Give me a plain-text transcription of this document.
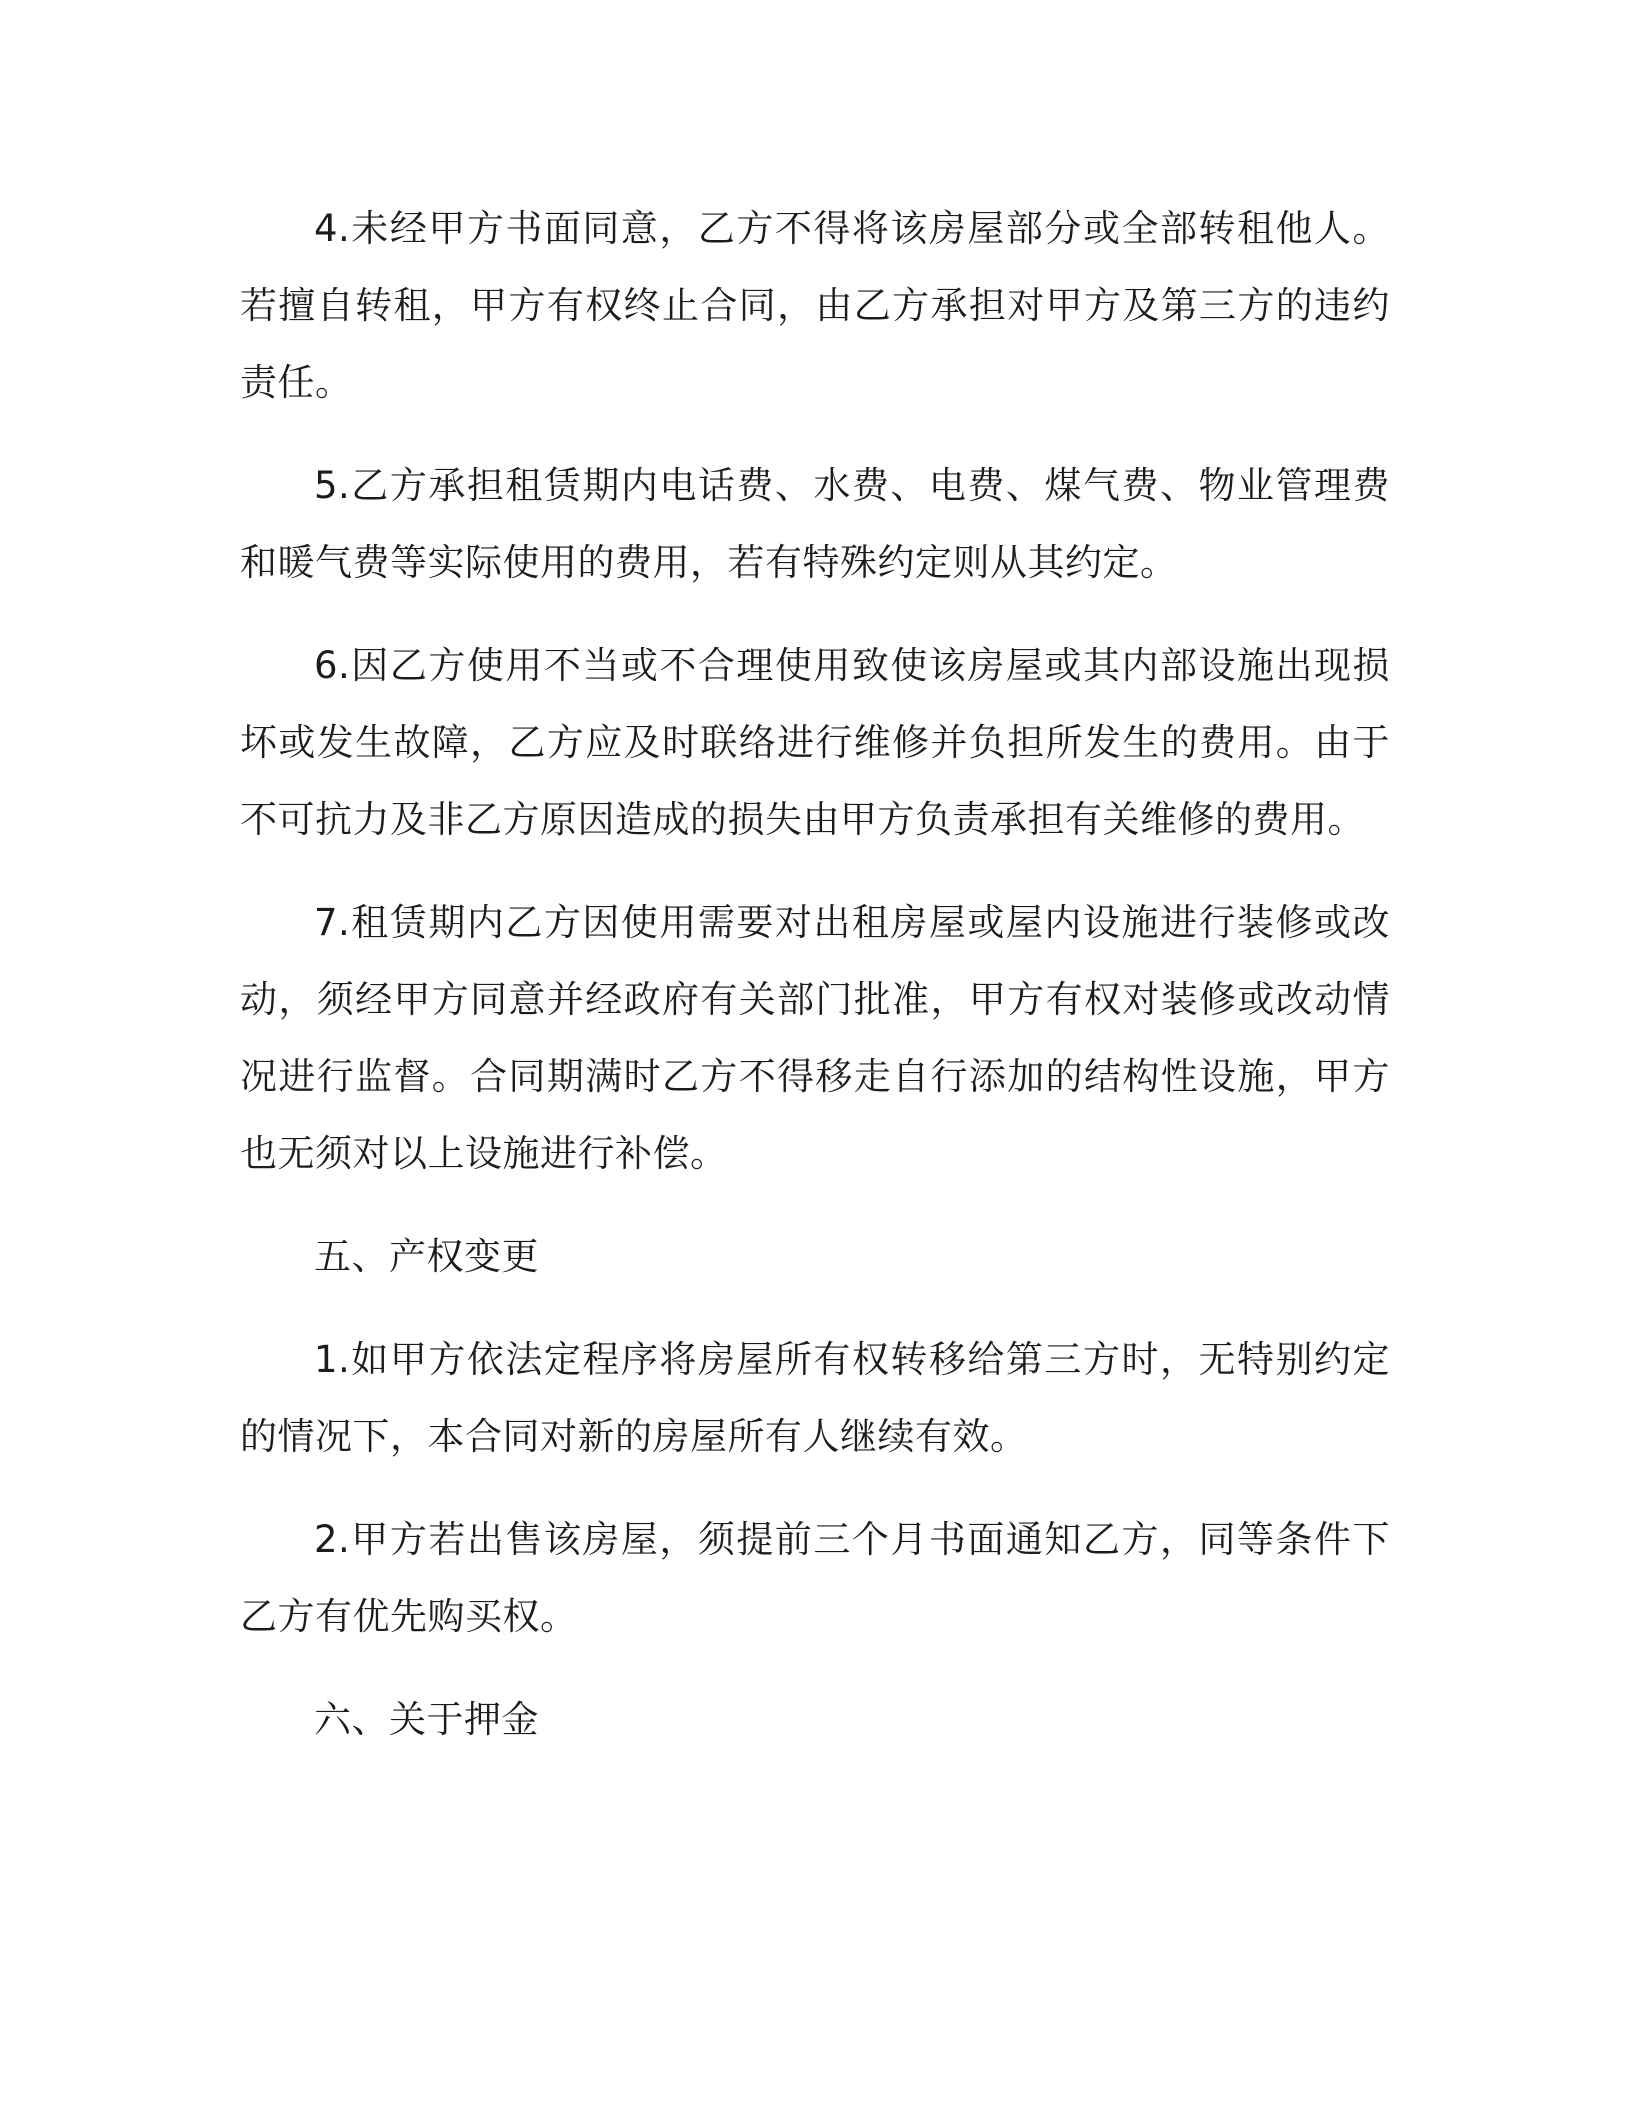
4.未经甲方书面同意，乙方不得将该房屋部分或全部转租他人。若擅自转租，甲方有权终止合同，由乙方承担对甲方及第三方的违约责任。

5.乙方承担租赁期内电话费、水费、电费、煤气费、物业管理费和暖气费等实际使用的费用，若有特殊约定则从其约定。

6.因乙方使用不当或不合理使用致使该房屋或其内部设施出现损坏或发生故障，乙方应及时联络进行维修并负担所发生的费用。由于不可抗力及非乙方原因造成的损失由甲方负责承担有关维修的费用。

7.租赁期内乙方因使用需要对出租房屋或屋内设施进行装修或改动，须经甲方同意并经政府有关部门批准，甲方有权对装修或改动情况进行监督。合同期满时乙方不得移走自行添加的结构性设施，甲方也无须对以上设施进行补偿。

五、产权变更

1.如甲方依法定程序将房屋所有权转移给第三方时，无特别约定的情况下，本合同对新的房屋所有人继续有效。

2.甲方若出售该房屋，须提前三个月书面通知乙方，同等条件下乙方有优先购买权。

六、关于押金
